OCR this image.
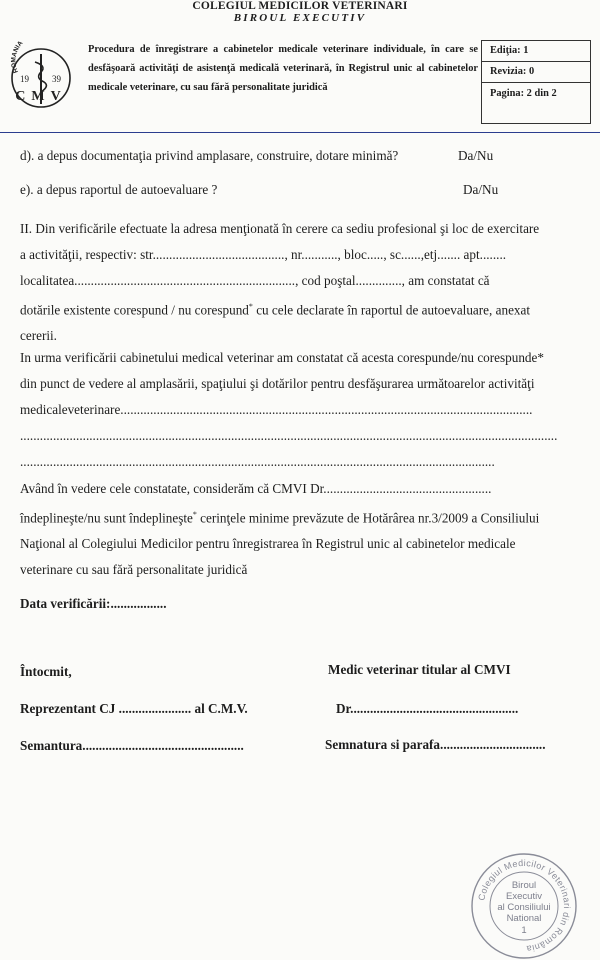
COLEGIUL MEDICILOR VETERINARI
BIROUL EXECUTIV
ROMANIA
19	39
CMV
Procedura de înregistrare a cabinetelor medicale veterinare individuale, în care se desfăşoară activităţi de asistenţă medicală veterinară, în Registrul unic al cabinetelor medicale veterinare, cu sau fără personalitate juridică
Ediţia: 1
Revizia: 0
Pagina: 2 din 2
d). a depus documentaţia privind amplasare, construire, dotare minimă?	Da/Nu
e). a depus raportul de autoevaluare ?	Da/Nu
II. Din verificările efectuate la adresa menţionată în cerere ca sediu profesional şi loc de exercitare
a activităţii, respectiv: str........................................, nr..........., bloc....., sc......,etj....... apt........
localitatea..................................................................., cod poştal.............., am constatat că
dotările existente corespund / nu corespund* cu cele declarate în raportul de autoevaluare, anexat
cererii.
In urma verificării cabinetului medical veterinar am constatat că acesta corespunde/nu corespunde*
din punct de vedere al amplasării, spaţiului şi dotărilor pentru desfăşurarea următoarelor activităţi
medicaleveterinare.............................................................................................................................
...................................................................................................................................................................
................................................................................................................................................
Având în vedere cele constatate, considerăm că CMVI Dr...................................................
îndeplineşte/nu sunt îndeplineşte* cerinţele minime prevăzute de Hotărârea nr.3/2009 a Consiliului
Naţional al Colegiului Medicilor pentru înregistrarea în Registrul unic al cabinetelor medicale
veterinare cu sau fără personalitate juridică
Data verificării:.................
Întocmit,	Medic veterinar titular al CMVI
Reprezentant CJ ...................... al C.M.V.	Dr...................................................
Semantura.................................................	Semnatura si parafa................................
Colegiul Medicilor Veterinari din România
Biroul
Executiv
al Consiliului
National
1
